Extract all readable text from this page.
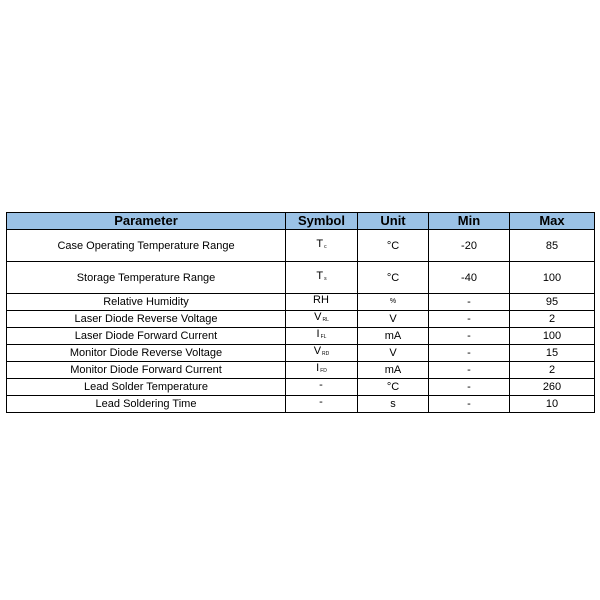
Parameter	Symbol	Unit	Min	Max
Case Operating Temperature Range	$T_c$	°C	-20	85
Storage Temperature Range	$T_s$	°C	-40	100
Relative Humidity	RH	%	-	95
Laser Diode Reverse Voltage	$V_{RL}$	V	-	2
Laser Diode Forward Current	$I_{FL}$	mA	-	100
Monitor Diode Reverse Voltage	$V_{RD}$	V	-	15
Monitor Diode Forward Current	$I_{FD}$	mA	-	2
Lead Solder Temperature	-	°C	-	260
Lead Soldering Time	-	s	-	10
